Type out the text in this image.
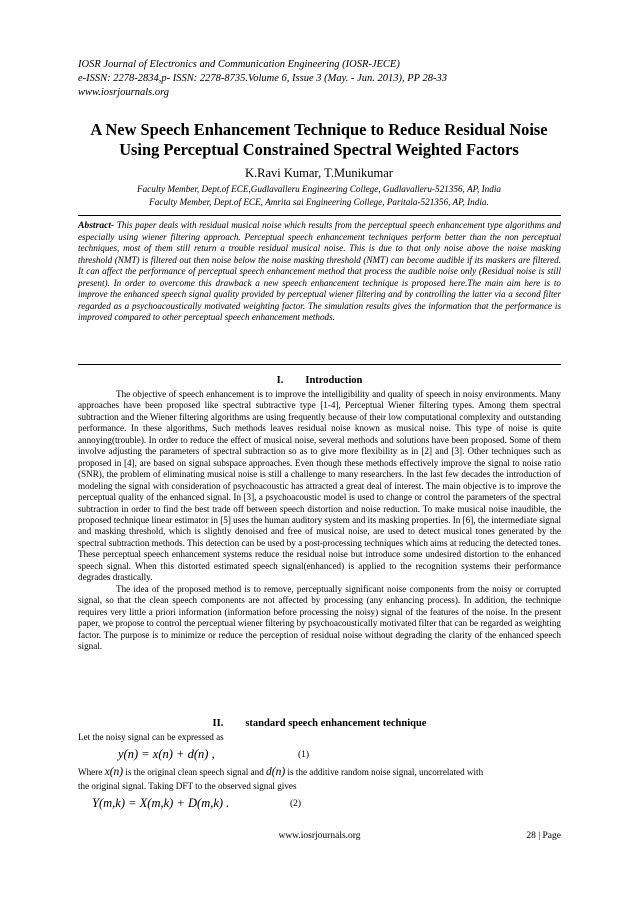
IOSR Journal of Electronics and Communication Engineering (IOSR-JECE)
e-ISSN: 2278-2834,p- ISSN: 2278-8735.Volume 6, Issue 3 (May. - Jun. 2013), PP 28-33
www.iosrjournals.org
A New Speech Enhancement Technique to Reduce Residual Noise
Using Perceptual Constrained Spectral Weighted Factors
K.Ravi Kumar, T.Munikumar
Faculty Member, Dept.of ECE,Gudlavalleru Engineering College, Gudlavalleru-521356, AP, India
Faculty Member, Dept.of ECE, Amrita sai Engineering College, Paritala-521356, AP, India.
Abstract- This paper deals with residual musical noise which results from the perceptual speech enhancement type algorithms and especially using wiener filtering approach. Perceptual speech enhancement techniques perform better than the non perceptual techniques, most of them still return a trouble residual musical noise. This is due to that only noise above the noise masking threshold (NMT) is filtered out then noise below the noise masking threshold (NMT) can become audible if its maskers are filtered. It can affect the performance of perceptual speech enhancement method that process the audible noise only (Residual noise is still present). In order to overcome this drawback a new speech enhancement technique is proposed here.The main aim here is to improve the enhanced speech signal quality provided by perceptual wiener filtering and by controlling the latter via a second filter regarded as a psychoacoustically motivated weighting factor. The simulation results gives the information that the performance is improved compared to other perceptual speech enhancement methods.
I. Introduction

The objective of speech enhancement is to improve the intelligibility and quality of speech in noisy environments. Many approaches have been proposed like spectral subtractive type [1-4], Perceptual Wiener filtering types. Among them spectral subtraction and the Wiener filtering algorithms are using frequently because of their low computational complexity and outstanding performance. In these algorithms, Such methods leaves residual noise known as musical noise. This type of noise is quite annoying(trouble). In order to reduce the effect of musical noise, several methods and solutions have been proposed. Some of them involve adjusting the parameters of spectral subtraction so as to give more flexibility as in [2] and [3]. Other techniques such as proposed in [4], are based on signal subspace approaches. Even though these methods effectively improve the signal to noise ratio (SNR), the problem of eliminating musical noise is still a challenge to many researchers. In the last few decades the introduction of modeling the signal with consideration of psychoacoustic has attracted a great deal of interest. The main objective is to improve the perceptual quality of the enhanced signal. In [3], a psychoacoustic model is used to change or control the parameters of the spectral subtraction in order to find the best trade off between speech distortion and noise reduction. To make musical noise inaudible, the proposed technique linear estimator in [5] uses the human auditory system and its masking properties. In [6], the intermediate signal and masking threshold, which is slightly denoised and free of musical noise, are used to detect musical tones generated by the spectral subtraction methods. This detection can be used by a post-processing techniques which aims at reducing the detected tones. These perceptual speech enhancement systems reduce the residual noise but introduce some undesired distortion to the enhanced speech signal. When this distorted estimated speech signal(enhanced) is applied to the recognition systems their performance degrades drastically.

The idea of the proposed method is to remove, perceptually significant noise components from the noisy or corrupted signal, so that the clean speech components are not affected by processing (any enhancing process). In addition, the technique requires very little a priori information (information before processing the noisy) signal of the features of the noise. In the present paper, we propose to control the perceptual wiener filtering by psychoacoustically motivated filter that can be regarded as weighting factor. The purpose is to minimize or reduce the perception of residual noise without degrading the clarity of the enhanced speech signal.

II. standard speech enhancement technique
Let the noisy signal can be expressed as
y(n) = x(n) + d(n) ,	(1)
Where x(n) is the original clean speech signal and d(n) is the additive random noise signal, uncorrelated with
the original signal. Taking DFT to the observed signal gives
Y(m,k) = X(m,k) + D(m,k) .	(2)
www.iosrjournals.org	28 | Page
